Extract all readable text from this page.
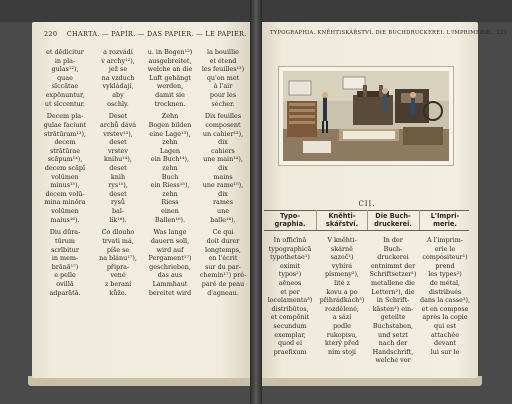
220 CHARTA. — PAPÍR. — DAS PAPIER. — LE PAPIER.
et dēdicitur
in pla-
gulas¹²),
quae
sīccātae
expōnuntur,
ut sīccentur.
Decem pla-
gulae faciunt
strātūram¹³),
decem
strātūrae
scāpum¹⁴),
decem scāpī
volūmen
minus¹⁵),
decem volū-
mina minōra
volūmen
maius¹⁶).
Diu dūra-
tūrum
scrībitur
in mem-
brānā¹⁷)
e pelle
ovillā
adparātā.
a rozvádí
v archy¹²),
jež se
na vzduch
vykládají,
aby
oschly.
Deset
archů dává
vrstev¹³),
deset
vrstev
knihu¹⁴),
deset
knih
rys¹⁵),
deset
rysů
bal-
lík¹⁶).
Co dlouho
trvati má,
píše se
na blánu¹⁷),
připra-
vené
z beraní
kůže.
u. in Bogen¹²)
ausgebreitet,
welche an die
Luft gehängt
werden,
damit sie
trocknen.
Zehn
Bogen bilden
eine Lage¹³),
zehn
Lagen
ein Buch¹⁴),
zehn
Buch
ein Riess¹⁵),
zehn
Riess
einen
Ballen¹⁶).
Was lange
dauern soll,
wird auf
Pergament¹⁷)
geschrieben,
das aus
Lammhaut
bereitet wird
la bouillie
et étend
les feuilles¹²)
qu'on met
à l'air
pour les
sécher.
Dix feuilles
composent
un cahier¹³),
dix
cahiers
une main¹⁴),
dix
mains
une rame¹⁵),
dix
rames
une
balle¹⁶).
Ce qui
doit durer
longtemps,
on l'écrit
sur du par-
chemin¹⁷) pré-
paré de peau
d'agneau.
TYPOGRAPHIA. KNĚHTISKÁŘSTVÍ. DIE BUCHDRUCKEREI. L'IMPRIMERIE. 221
CII.
Typo-
graphia.
Kněhti-
skářství.
Die Buch-
druckerei.
L'Impri-
merie.
In officīnā
typographicā
typothetae¹)
eximit
typos²)
aēneos
et per
locelamenta³)
distribūtos,
et compōnit
secundum
exemplar,
quod ei
praefixum
V kněhti-
skárně
sazeč¹)
vybírá
písmeny²),
lité z
kovu a po
přihrádkách³)
rozdělené,
a sází
podle
rukopisu,
který před
ním stojí
In der
Buch-
druckerei
entnimmt der
Schriftsetzer¹)
metallene die
Lettern²), die
in Schrift-
kästen³) ein-
geteilte
Buchstaben,
und setzt
nach der
Handschrift,
welche vor
A l'imprim-
erie le
compositeur¹)
prend
les types²)
de métal,
distribués
dans la casse³),
et en compose
après la copie
qui est
attachée
devant
lui sur le
